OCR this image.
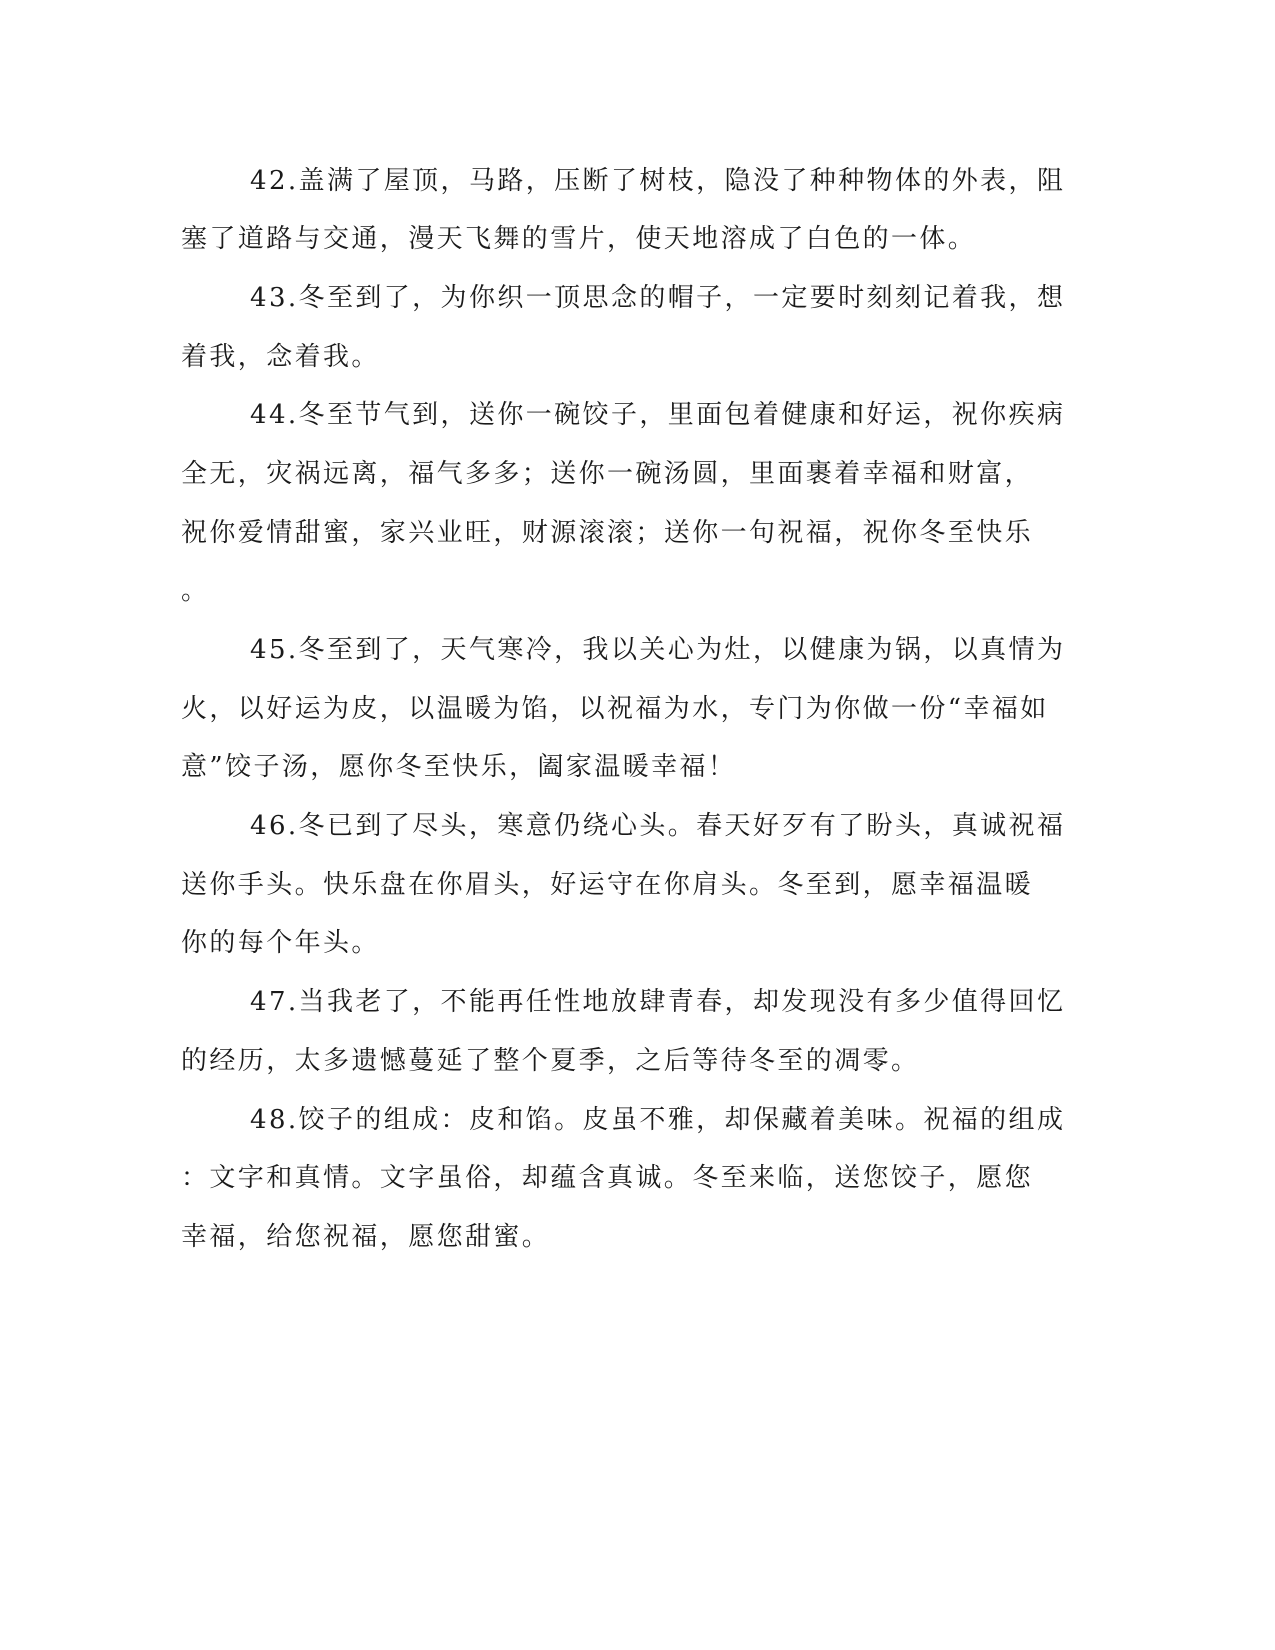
42.盖满了屋顶，马路，压断了树枝，隐没了种种物体的外表，阻
塞了道路与交通，漫天飞舞的雪片，使天地溶成了白色的一体。
43.冬至到了，为你织一顶思念的帽子，一定要时刻刻记着我，想
着我，念着我。
44.冬至节气到，送你一碗饺子，里面包着健康和好运，祝你疾病
全无，灾祸远离，福气多多；送你一碗汤圆，里面裹着幸福和财富，
祝你爱情甜蜜，家兴业旺，财源滚滚；送你一句祝福，祝你冬至快乐
。
45.冬至到了，天气寒冷，我以关心为灶，以健康为锅，以真情为
火，以好运为皮，以温暖为馅，以祝福为水，专门为你做一份“幸福如
意”饺子汤，愿你冬至快乐，阖家温暖幸福！
46.冬已到了尽头，寒意仍绕心头。春天好歹有了盼头，真诚祝福
送你手头。快乐盘在你眉头，好运守在你肩头。冬至到，愿幸福温暖
你的每个年头。
47.当我老了，不能再任性地放肆青春，却发现没有多少值得回忆
的经历，太多遗憾蔓延了整个夏季，之后等待冬至的凋零。
48.饺子的组成：皮和馅。皮虽不雅，却保藏着美味。祝福的组成
：文字和真情。文字虽俗，却蕴含真诚。冬至来临，送您饺子，愿您
幸福，给您祝福，愿您甜蜜。
